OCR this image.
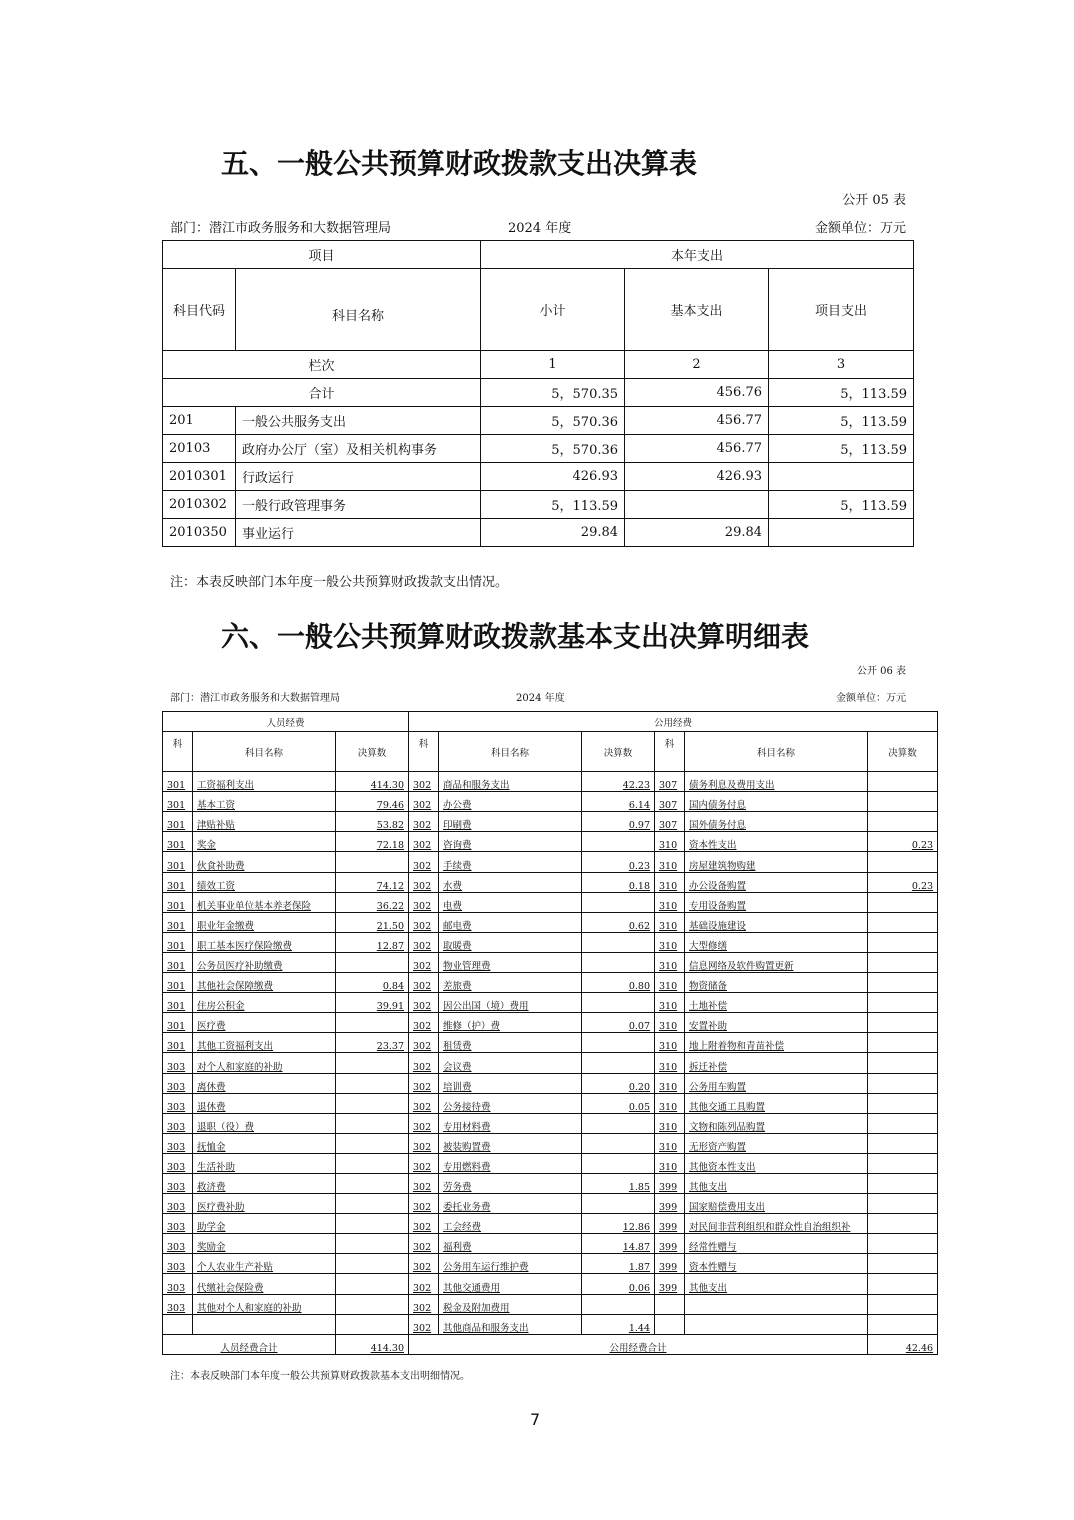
五、一般公共预算财政拨款支出决算表
公开 05 表
部门：潜江市政务服务和大数据管理局	2024 年度	金额单位：万元
项目		本年支出		
科目代码	科目名称	小计	基本支出	项目支出
栏次		1	2	3
合计		5，570.35	456.76	5，113.59
201	一般公共服务支出	5，570.36	456.77	5，113.59
20103	政府办公厅（室）及相关机构事务	5，570.36	456.77	5，113.59
2010301	行政运行	426.93	426.93	
2010302	一般行政管理事务	5，113.59		5，113.59
2010350	事业运行	29.84	29.84	
注：本表反映部门本年度一般公共预算财政拨款支出情况。
六、一般公共预算财政拨款基本支出决算明细表
公开 06 表
部门：潜江市政务服务和大数据管理局	2024 年度	金额单位：万元
人员经费			公用经费					
科	科目名称	决算数	科	科目名称	决算数	科	科目名称	决算数
301	工资福利支出	414.30	302	商品和服务支出	42.23	307	债务利息及费用支出	
301	基本工资	79.46	302	办公费	6.14	307	国内债务付息	
301	津贴补贴	53.82	302	印刷费	0.97	307	国外债务付息	
301	奖金	72.18	302	咨询费		310	资本性支出	0.23
301	伙食补助费		302	手续费	0.23	310	房屋建筑物购建	
301	绩效工资	74.12	302	水费	0.18	310	办公设备购置	0.23
301	机关事业单位基本养老保险	36.22	302	电费		310	专用设备购置	
301	职业年金缴费	21.50	302	邮电费	0.62	310	基础设施建设	
301	职工基本医疗保险缴费	12.87	302	取暖费		310	大型修缮	
301	公务员医疗补助缴费		302	物业管理费		310	信息网络及软件购置更新	
301	其他社会保障缴费	0.84	302	差旅费	0.80	310	物资储备	
301	住房公积金	39.91	302	因公出国（境）费用		310	土地补偿	
301	医疗费		302	维修（护）费	0.07	310	安置补助	
301	其他工资福利支出	23.37	302	租赁费		310	地上附着物和青苗补偿	
303	对个人和家庭的补助		302	会议费		310	拆迁补偿	
303	离休费		302	培训费	0.20	310	公务用车购置	
303	退休费		302	公务接待费	0.05	310	其他交通工具购置	
303	退职（役）费		302	专用材料费		310	文物和陈列品购置	
303	抚恤金		302	被装购置费		310	无形资产购置	
303	生活补助		302	专用燃料费		310	其他资本性支出	
303	救济费		302	劳务费	1.85	399	其他支出	
303	医疗费补助		302	委托业务费		399	国家赔偿费用支出	
303	助学金		302	工会经费	12.86	399	对民间非营利组织和群众性自治组织补	
303	奖励金		302	福利费	14.87	399	经常性赠与	
303	个人农业生产补贴		302	公务用车运行维护费	1.87	399	资本性赠与	
303	代缴社会保险费		302	其他交通费用	0.06	399	其他支出	
303	其他对个人和家庭的补助		302	税金及附加费用				
			302	其他商品和服务支出	1.44			
人员经费合计		414.30	公用经费合计					42.46
注：本表反映部门本年度一般公共预算财政拨款基本支出明细情况。
7
